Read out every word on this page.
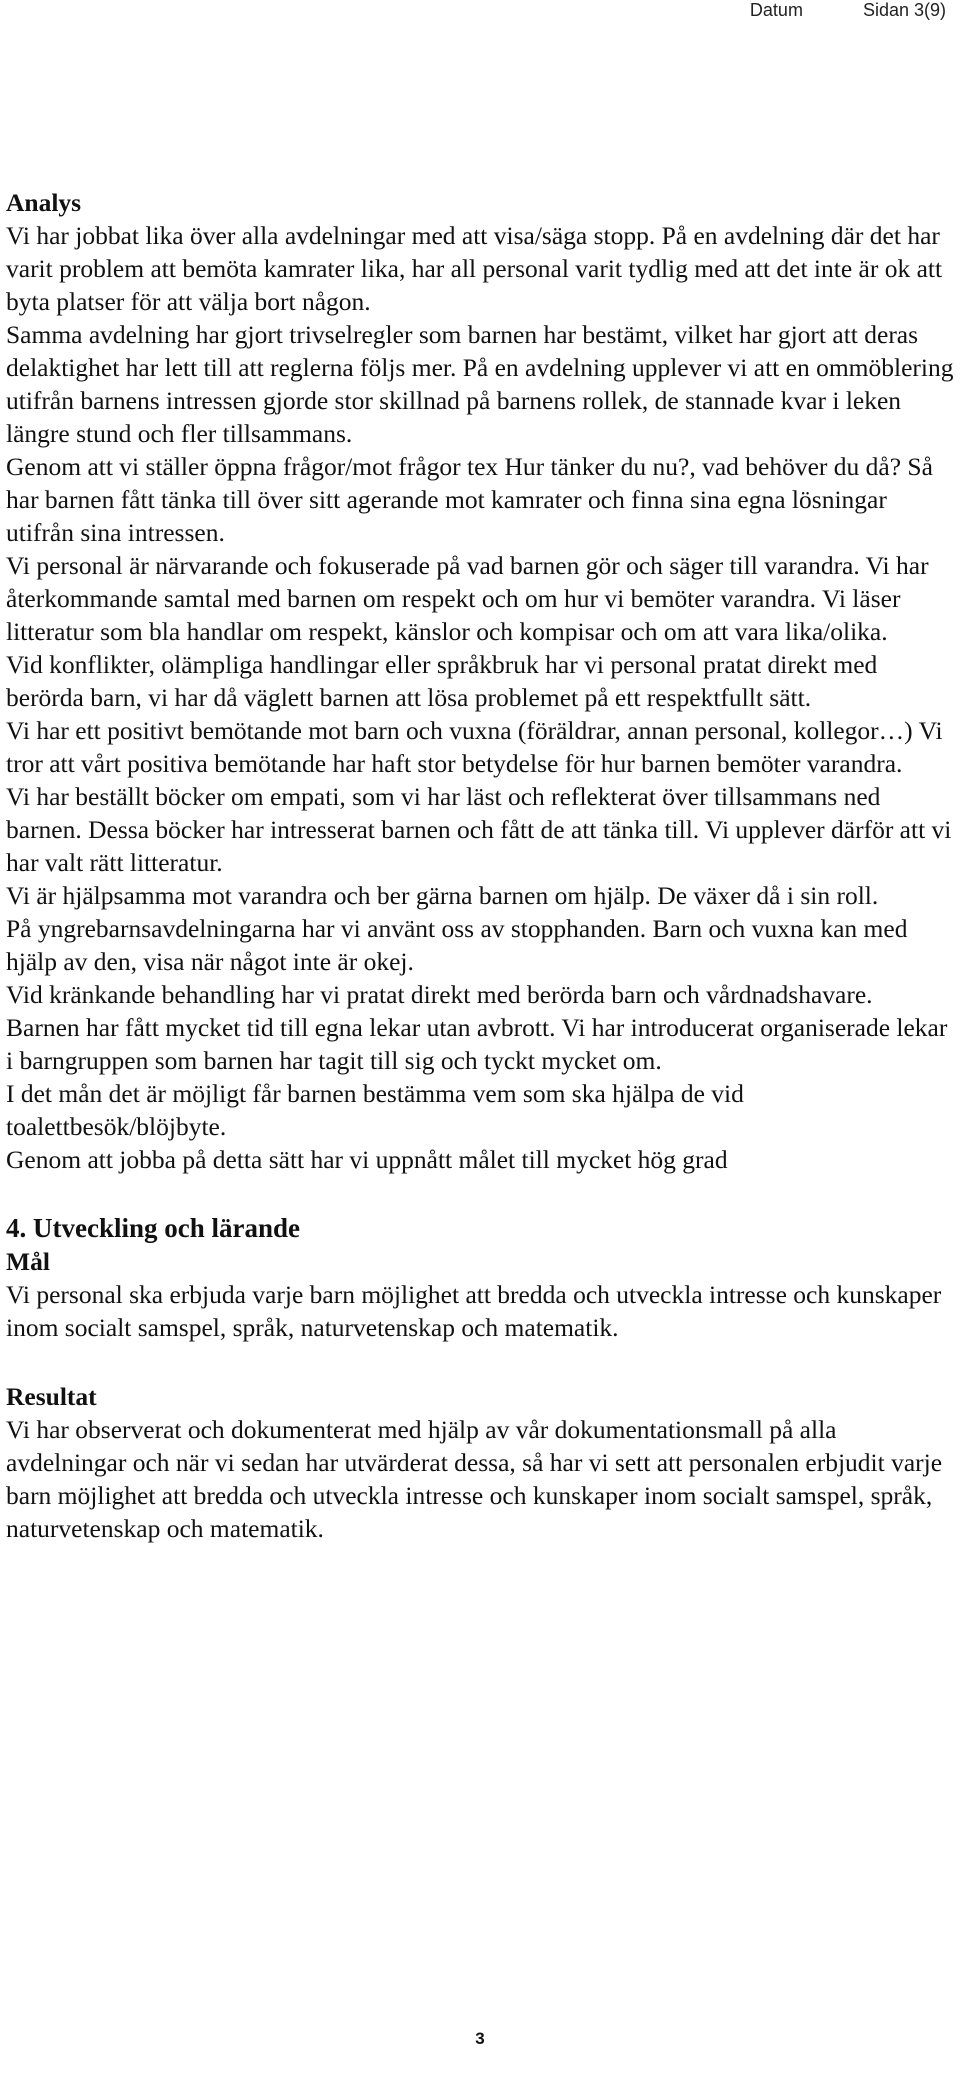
Datum	Sidan 3(9)

Analys

Vi har jobbat lika över alla avdelningar med att visa/säga stopp. På en avdelning där det har varit problem att bemöta kamrater lika, har all personal varit tydlig med att det inte är ok att byta platser för att välja bort någon.

Samma avdelning har gjort trivselregler som barnen har bestämt, vilket har gjort att deras delaktighet har lett till att reglerna följs mer. På en avdelning upplever vi att en ommöblering utifrån barnens intressen gjorde stor skillnad på barnens rollek, de stannade kvar i leken längre stund och fler tillsammans.

Genom att vi ställer öppna frågor/mot frågor tex Hur tänker du nu?, vad behöver du då? Så har barnen fått tänka till över sitt agerande mot kamrater och finna sina egna lösningar utifrån sina intressen.

Vi personal är närvarande och fokuserade på vad barnen gör och säger till varandra. Vi har återkommande samtal med barnen om respekt och om hur vi bemöter varandra. Vi läser litteratur som bla handlar om respekt, känslor och kompisar och om att vara lika/olika.

Vid konflikter, olämpliga handlingar eller språkbruk har vi personal pratat direkt med berörda barn, vi har då väglett barnen att lösa problemet på ett respektfullt sätt.

Vi har ett positivt bemötande mot barn och vuxna (föräldrar, annan personal, kollegor…) Vi tror att vårt positiva bemötande har haft stor betydelse för hur barnen bemöter varandra.

Vi har beställt böcker om empati, som vi har läst och reflekterat över tillsammans ned barnen. Dessa böcker har intresserat barnen och fått de att tänka till. Vi upplever därför att vi har valt rätt litteratur.

Vi är hjälpsamma mot varandra och ber gärna barnen om hjälp. De växer då i sin roll.

På yngrebarnsavdelningarna har vi använt oss av stopphanden. Barn och vuxna kan med hjälp av den, visa när något inte är okej.

Vid kränkande behandling har vi pratat direkt med berörda barn och vårdnadshavare.

Barnen har fått mycket tid till egna lekar utan avbrott. Vi har introducerat organiserade lekar i barngruppen som barnen har tagit till sig och tyckt mycket om.

I det mån det är möjligt får barnen bestämma vem som ska hjälpa de vid toalettbesök/blöjbyte.

Genom att jobba på detta sätt har vi uppnått målet till mycket hög grad

4. Utveckling och lärande

Mål

Vi personal ska erbjuda varje barn möjlighet att bredda och utveckla intresse och kunskaper inom socialt samspel, språk, naturvetenskap och matematik.

Resultat

Vi har observerat och dokumenterat med hjälp av vår dokumentationsmall på alla avdelningar och när vi sedan har utvärderat dessa, så har vi sett att personalen erbjudit varje barn möjlighet att bredda och utveckla intresse och kunskaper inom socialt samspel, språk, naturvetenskap och matematik.

3
